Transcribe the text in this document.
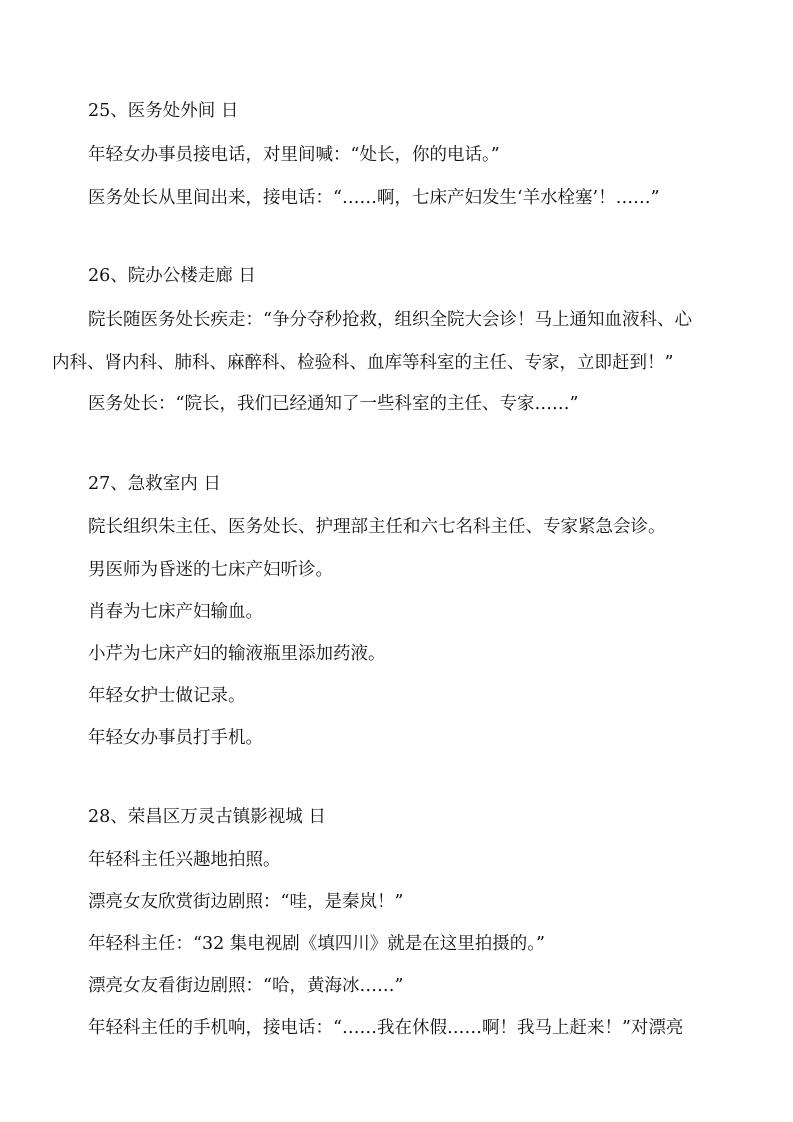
25、医务处外间 日
年轻女办事员接电话，对里间喊：“处长，你的电话。”
医务处长从里间出来，接电话：“……啊，七床产妇发生‘羊水栓塞’！……”
26、院办公楼走廊 日
院长随医务处长疾走：“争分夺秒抢救，组织全院大会诊！马上通知血液科、心
内科、肾内科、肺科、麻醉科、检验科、血库等科室的主任、专家，立即赶到！”
医务处长：“院长，我们已经通知了一些科室的主任、专家……”
27、急救室内 日
院长组织朱主任、医务处长、护理部主任和六七名科主任、专家紧急会诊。
男医师为昏迷的七床产妇听诊。
肖春为七床产妇输血。
小芹为七床产妇的输液瓶里添加药液。
年轻女护士做记录。
年轻女办事员打手机。
28、荣昌区万灵古镇影视城 日
年轻科主任兴趣地拍照。
漂亮女友欣赏街边剧照：“哇，是秦岚！”
年轻科主任：“32 集电视剧《填四川》就是在这里拍摄的。”
漂亮女友看街边剧照：“哈，黄海冰……”
年轻科主任的手机响，接电话：“……我在休假……啊！我马上赶来！”对漂亮
